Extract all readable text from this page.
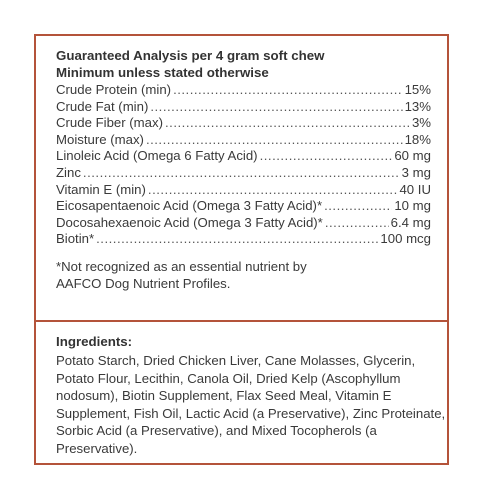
Guaranteed Analysis per 4 gram soft chew
Minimum unless stated otherwise
Crude Protein (min) .....	15%
Crude Fat (min) .....	13%
Crude Fiber (max) .....	3%
Moisture (max) .....	18%
Linoleic Acid (Omega 6 Fatty Acid) .....	60 mg
Zinc .....	3 mg
Vitamin E (min) .....	40 IU
Eicosapentaenoic Acid (Omega 3 Fatty Acid)* .....	10 mg
Docosahexaenoic Acid (Omega 3 Fatty Acid)* .....	6.4 mg
Biotin* .....	100 mcg
*Not recognized as an essential nutrient by
AAFCO Dog Nutrient Profiles.
Ingredients:
Potato Starch, Dried Chicken Liver, Cane Molasses, Glycerin, Potato Flour, Lecithin, Canola Oil, Dried Kelp (Ascophyllum nodosum), Biotin Supplement, Flax Seed Meal, Vitamin E Supplement, Fish Oil, Lactic Acid (a Preservative), Zinc Proteinate, Sorbic Acid (a Preservative), and Mixed Tocopherols (a Preservative).
